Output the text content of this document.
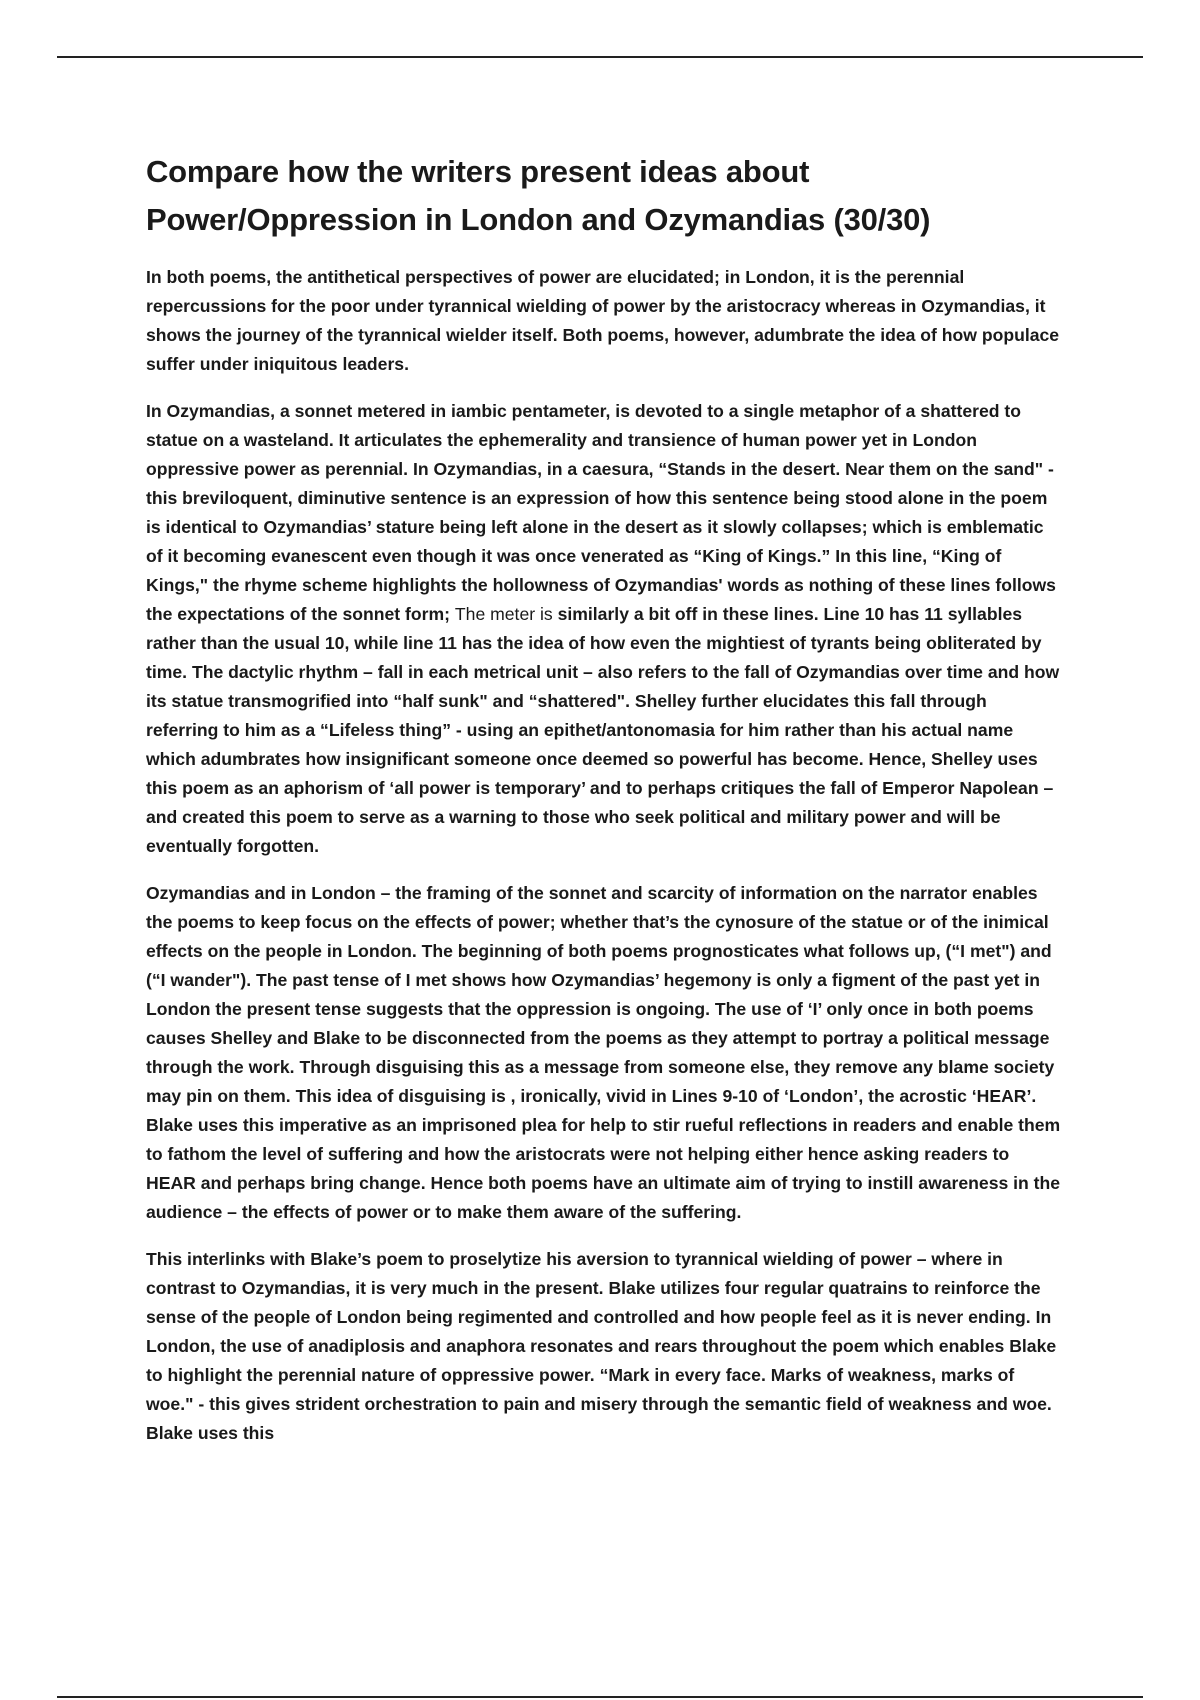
Compare how the writers present ideas about
Power/Oppression in London and Ozymandias (30/30)

In both poems, the antithetical perspectives of power are elucidated; in London, it is the perennial repercussions for the poor under tyrannical wielding of power by the aristocracy whereas in Ozymandias, it shows the journey of the tyrannical wielder itself. Both poems, however, adumbrate the idea of how populace suffer under iniquitous leaders.

In Ozymandias, a sonnet metered in iambic pentameter, is devoted to a single metaphor of a shattered to statue on a wasteland. It articulates the ephemerality and transience of human power yet in London oppressive power as perennial. In Ozymandias, in a caesura, “Stands in the desert. Near them on the sand" - this breviloquent, diminutive sentence is an expression of how this sentence being stood alone in the poem is identical to Ozymandias’ stature being left alone in the desert as it slowly collapses; which is emblematic of it becoming evanescent even though it was once venerated as “King of Kings.” In this line, “King of Kings," the rhyme scheme highlights the hollowness of Ozymandias' words as nothing of these lines follows the expectations of the sonnet form; The meter is similarly a bit off in these lines. Line 10 has 11 syllables rather than the usual 10, while line 11 has the idea of how even the mightiest of tyrants being obliterated by time. The dactylic rhythm – fall in each metrical unit – also refers to the fall of Ozymandias over time and how its statue transmogrified into “half sunk" and “shattered". Shelley further elucidates this fall through referring to him as a “Lifeless thing” - using an epithet/antonomasia for him rather than his actual name which adumbrates how insignificant someone once deemed so powerful has become. Hence, Shelley uses this poem as an aphorism of ‘all power is temporary’ and to perhaps critiques the fall of Emperor Napolean – and created this poem to serve as a warning to those who seek political and military power and will be eventually forgotten.

Ozymandias and in London – the framing of the sonnet and scarcity of information on the narrator enables the poems to keep focus on the effects of power; whether that’s the cynosure of the statue or of the inimical effects on the people in London. The beginning of both poems prognosticates what follows up, (“I met") and (“I wander"). The past tense of I met shows how Ozymandias’ hegemony is only a figment of the past yet in London the present tense suggests that the oppression is ongoing. The use of ‘I’ only once in both poems causes Shelley and Blake to be disconnected from the poems as they attempt to portray a political message through the work. Through disguising this as a message from someone else, they remove any blame society may pin on them. This idea of disguising is , ironically, vivid in Lines 9-10 of ‘London’, the acrostic ‘HEAR’. Blake uses this imperative as an imprisoned plea for help to stir rueful reflections in readers and enable them to fathom the level of suffering and how the aristocrats were not helping either hence asking readers to HEAR and perhaps bring change. Hence both poems have an ultimate aim of trying to instill awareness in the audience – the effects of power or to make them aware of the suffering.

This interlinks with Blake’s poem to proselytize his aversion to tyrannical wielding of power – where in contrast to Ozymandias, it is very much in the present. Blake utilizes four regular quatrains to reinforce the sense of the people of London being regimented and controlled and how people feel as it is never ending. In London, the use of anadiplosis and anaphora resonates and rears throughout the poem which enables Blake to highlight the perennial nature of oppressive power. “Mark in every face. Marks of weakness, marks of woe." - this gives strident orchestration to pain and misery through the semantic field of weakness and woe. Blake uses this
